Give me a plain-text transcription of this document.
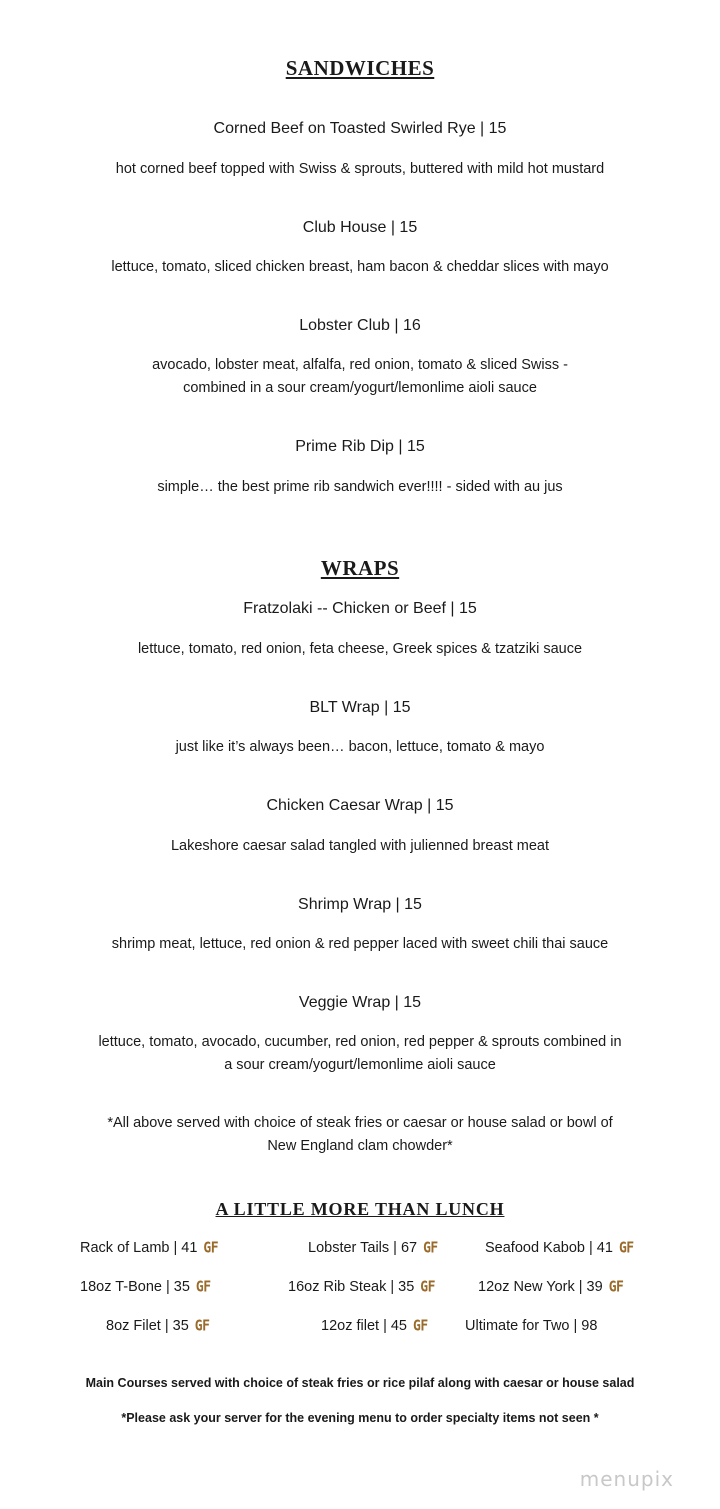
SANDWICHES

Corned Beef on Toasted Swirled Rye | 15

hot corned beef topped with Swiss & sprouts, buttered with mild hot mustard

Club House | 15

lettuce, tomato, sliced chicken breast, ham bacon & cheddar slices with mayo

Lobster Club | 16

avocado, lobster meat, alfalfa, red onion, tomato & sliced Swiss -
combined in a sour cream/yogurt/lemonlime aioli sauce

Prime Rib Dip | 15

simple… the best prime rib sandwich ever!!!! - sided with au jus

WRAPS

Fratzolaki -- Chicken or Beef | 15

lettuce, tomato, red onion, feta cheese, Greek spices & tzatziki sauce

BLT Wrap | 15

just like it’s always been… bacon, lettuce, tomato & mayo

Chicken Caesar Wrap | 15

Lakeshore caesar salad tangled with julienned breast meat

Shrimp Wrap | 15

shrimp meat, lettuce, red onion & red pepper laced with sweet chili thai sauce

Veggie Wrap | 15

lettuce, tomato, avocado, cucumber, red onion, red pepper & sprouts combined in
a sour cream/yogurt/lemonlime aioli sauce

*All above served with choice of steak fries or caesar or house salad or bowl of
New England clam chowder*

A LITTLE MORE THAN LUNCH
Rack of Lamb | 41 GF	Lobster Tails | 67 GF	Seafood Kabob | 41 GF
18oz T-Bone | 35 GF	16oz Rib Steak | 35 GF	12oz New York | 39 GF
8oz Filet | 35 GF	12oz filet | 45 GF	Ultimate for Two | 98

Main Courses served with choice of steak fries or rice pilaf along with caesar or house salad

*Please ask your server for the evening menu to order specialty items not seen *

menupix
